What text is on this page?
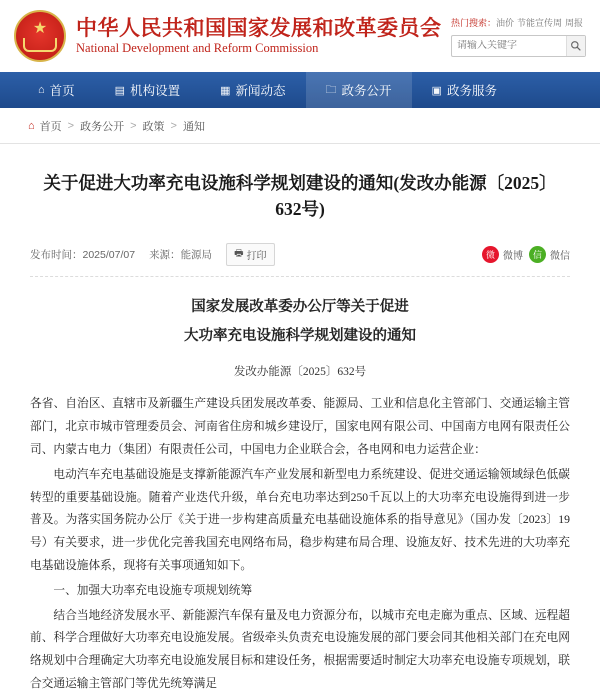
★
中华人民共和国国家发展和改革委员会
National Development and Reform Commission
热门搜索：油价 节能宣传周 周报
请输入关键字
⌂ 首页	▤ 机构设置	▦ 新闻动态	🗀 政务公开	▣ 政务服务
⌂ 首页 > 政务公开 > 政策 > 通知
关于促进大功率充电设施科学规划建设的通知(发改办能源〔2025〕632号)
发布时间：2025/07/07 来源：能源局 🖶 打印	微 微博	信 微信
国家发展改革委办公厅等关于促进
大功率充电设施科学规划建设的通知
发改办能源〔2025〕632号

各省、自治区、直辖市及新疆生产建设兵团发展改革委、能源局、工业和信息化主管部门、交通运输主管部门，北京市城市管理委员会、河南省住房和城乡建设厅，国家电网有限公司、中国南方电网有限责任公司、内蒙古电力（集团）有限责任公司，中国电力企业联合会，各电网和电力运营企业：

电动汽车充电基础设施是支撑新能源汽车产业发展和新型电力系统建设、促进交通运输领域绿色低碳转型的重要基础设施。随着产业迭代升级，单台充电功率达到250千瓦以上的大功率充电设施得到进一步普及。为落实国务院办公厅《关于进一步构建高质量充电基础设施体系的指导意见》（国办发〔2023〕19号）有关要求，进一步优化完善我国充电网络布局，稳步构建布局合理、设施友好、技术先进的大功率充电基础设施体系，现将有关事项通知如下。

一、加强大功率充电设施专项规划统筹

结合当地经济发展水平、新能源汽车保有量及电力资源分布，以城市充电走廊为重点、区域、远程超前、科学合理做好大功率充电设施发展。省级牵头负责充电设施发展的部门要会同其他相关部门在充电网络规划中合理确定大功率充电设施发展目标和建设任务，根据需要适时制定大功率充电设施专项规划，联合交通运输主管部门等优先统筹满足
